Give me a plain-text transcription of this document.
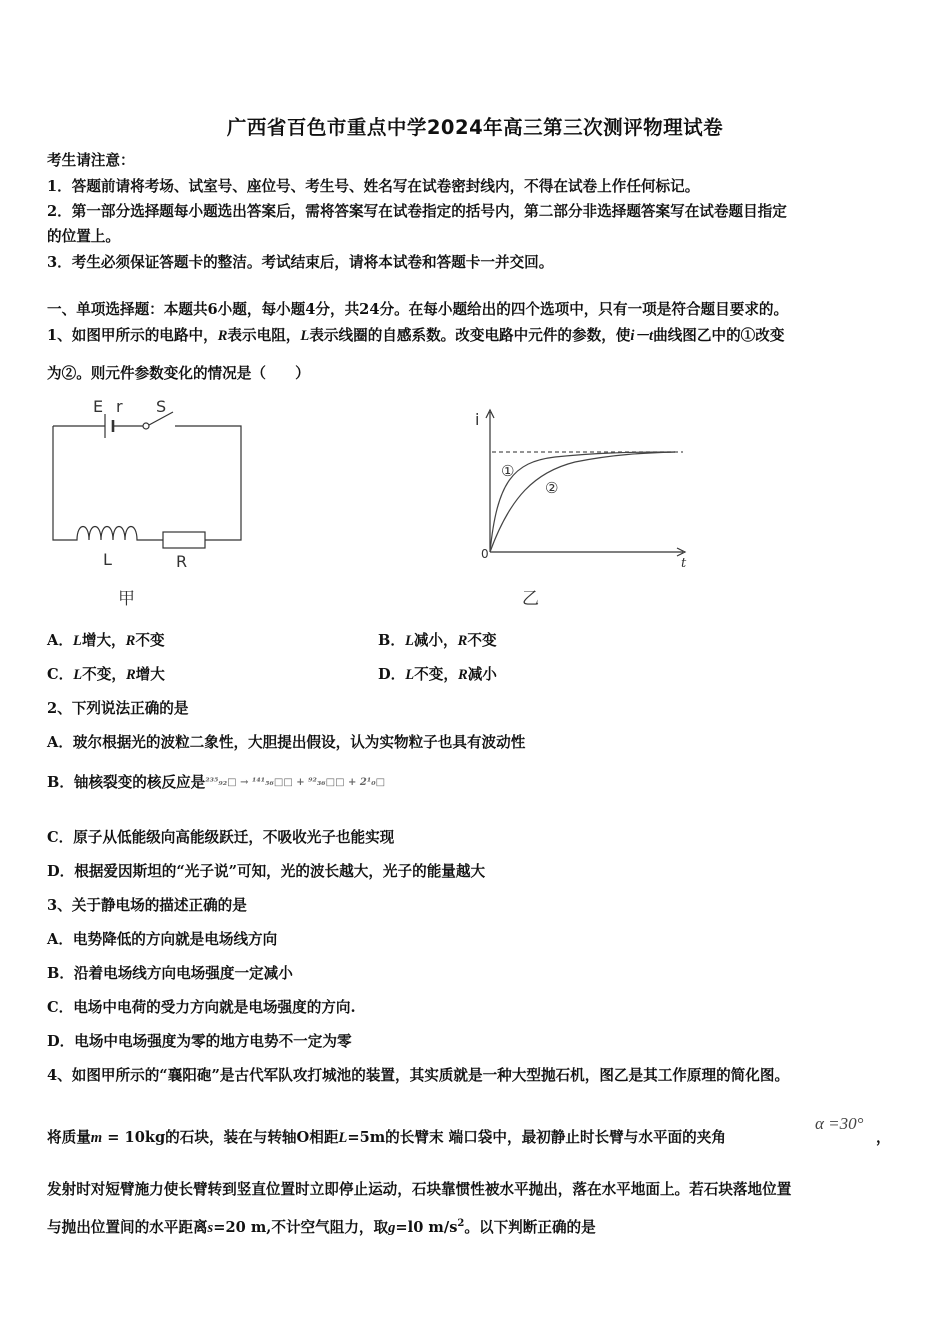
广西省百色市重点中学2024年高三第三次测评物理试卷
考生请注意：
1．答题前请将考场、试室号、座位号、考生号、姓名写在试卷密封线内，不得在试卷上作任何标记。
2．第一部分选择题每小题选出答案后，需将答案写在试卷指定的括号内，第二部分非选择题答案写在试卷题目指定
的位置上。
3．考生必须保证答题卡的整洁。考试结束后，请将本试卷和答题卡一并交回。
一、单项选择题：本题共6小题，每小题4分，共24分。在每小题给出的四个选项中，只有一项是符合题目要求的。
1、如图甲所示的电路中，R表示电阻，L表示线圈的自感系数。改变电路中元件的参数，使i－t曲线图乙中的①改变
为②。则元件参数变化的情况是（　　）
E r S
L	R
甲
i
t
0
①
②
乙
A．L增大，R不变	B．L减小，R不变
C．L不变，R增大	D．L不变，R减小
2、下列说法正确的是
A．玻尔根据光的波粒二象性，大胆提出假设，认为实物粒子也具有波动性
B．铀核裂变的核反应是²³⁵₉₂□ → ¹⁴¹₅₆□□ + ⁹²₃₆□□ + 2¹₀□
C．原子从低能级向高能级跃迁，不吸收光子也能实现
D．根据爱因斯坦的“光子说”可知，光的波长越大，光子的能量越大
3、关于静电场的描述正确的是
A．电势降低的方向就是电场线方向
B．沿着电场线方向电场强度一定减小
C．电场中电荷的受力方向就是电场强度的方向.
D．电场中电场强度为零的地方电势不一定为零
4、如图甲所示的“襄阳砲”是古代军队攻打城池的装置，其实质就是一种大型抛石机，图乙是其工作原理的简化图。
将质量m = 10kg的石块，装在与转轴O相距L=5m的长臂末 端口袋中，最初静止时长臂与水平面的夹角
α =30°
，
发射时对短臂施力使长臂转到竖直位置时立即停止运动，石块靠惯性被水平抛出，落在水平地面上。若石块落地位置
与抛出位置间的水平距离s=20 m,不计空气阻力，取g=l0 $m/s^2$。以下判断正确的是
